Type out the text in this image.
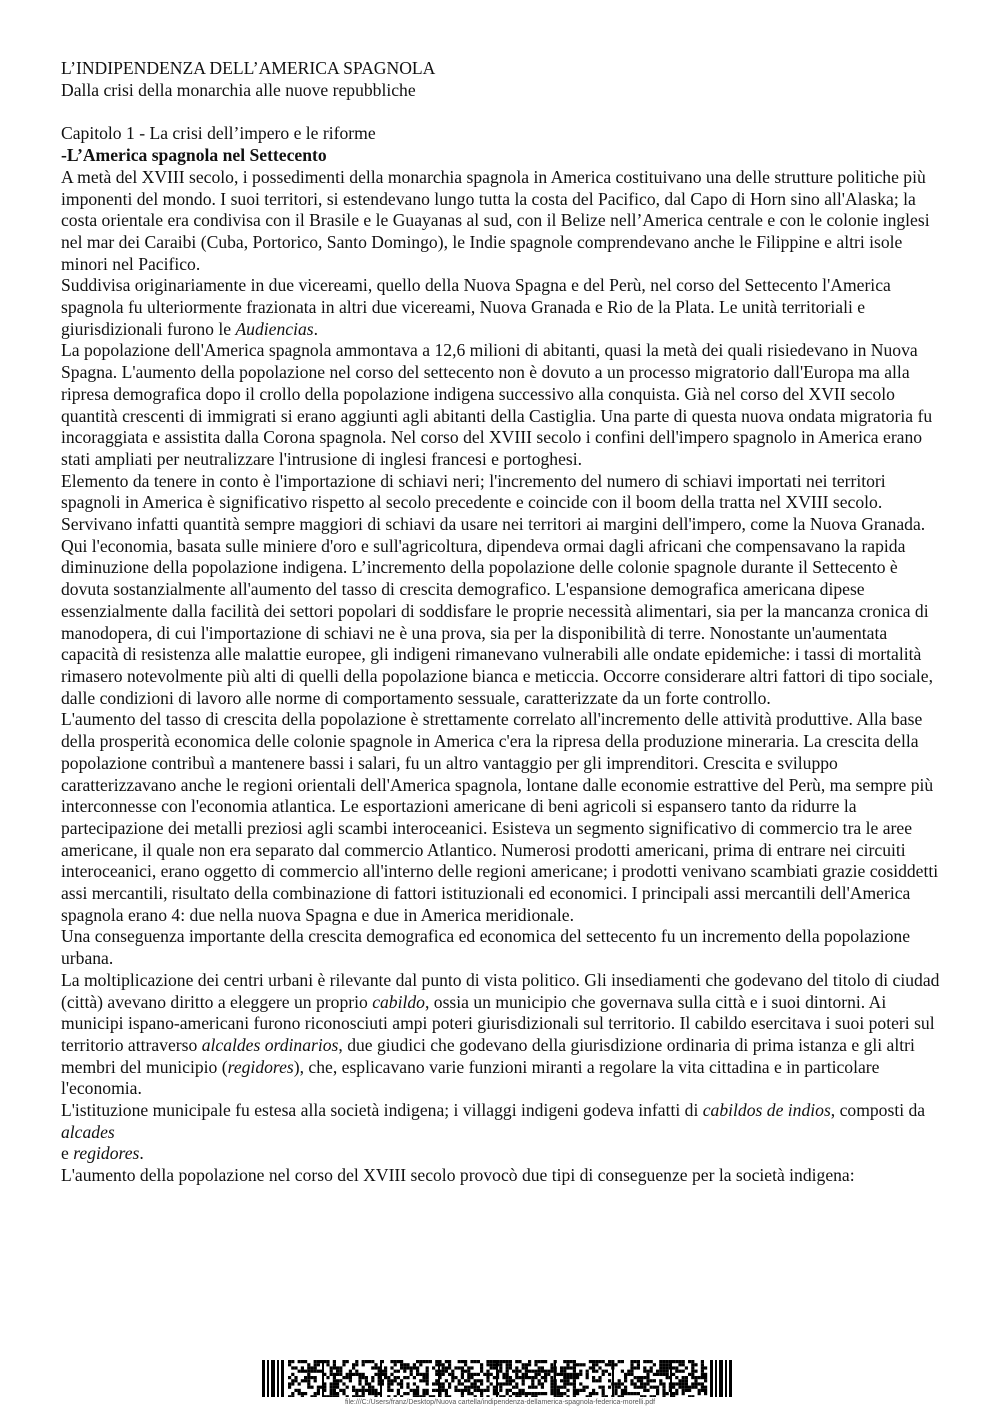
L’INDIPENDENZA DELL’AMERICA SPAGNOLA

Dalla crisi della monarchia alle nuove repubbliche

Capitolo 1 - La crisi dell’impero e le riforme

-L’America spagnola nel Settecento

A metà del XVIII secolo, i possedimenti della monarchia spagnola in America costituivano una delle strutture politiche più imponenti del mondo. I suoi territori, si estendevano lungo tutta la costa del Pacifico, dal Capo di Horn sino all'Alaska; la costa orientale era condivisa con il Brasile e le Guayanas al sud, con il Belize nell’America centrale e con le colonie inglesi nel mar dei Caraibi (Cuba, Portorico, Santo Domingo), le Indie spagnole comprendevano anche le Filippine e altri isole minori nel Pacifico.

Suddivisa originariamente in due vicereami, quello della Nuova Spagna e del Perù, nel corso del Settecento l'America spagnola fu ulteriormente frazionata in altri due vicereami, Nuova Granada e Rio de la Plata. Le unità territoriali e giurisdizionali furono le Audiencias.

La popolazione dell'America spagnola ammontava a 12,6 milioni di abitanti, quasi la metà dei quali risiedevano in Nuova Spagna. L'aumento della popolazione nel corso del settecento non è dovuto a un processo migratorio dall'Europa ma alla ripresa demografica dopo il crollo della popolazione indigena successivo alla conquista. Già nel corso del XVII secolo quantità crescenti di immigrati si erano aggiunti agli abitanti della Castiglia. Una parte di questa nuova ondata migratoria fu incoraggiata e assistita dalla Corona spagnola. Nel corso del XVIII secolo i confini dell'impero spagnolo in America erano stati ampliati per neutralizzare l'intrusione di inglesi francesi e portoghesi.

Elemento da tenere in conto è l'importazione di schiavi neri; l'incremento del numero di schiavi importati nei territori spagnoli in America è significativo rispetto al secolo precedente e coincide con il boom della tratta nel XVIII secolo. Servivano infatti quantità sempre maggiori di schiavi da usare nei territori ai margini dell'impero, come la Nuova Granada. Qui l'economia, basata sulle miniere d'oro e sull'agricoltura, dipendeva ormai dagli africani che compensavano la rapida diminuzione della popolazione indigena. L’incremento della popolazione delle colonie spagnole durante il Settecento è dovuta sostanzialmente all'aumento del tasso di crescita demografico. L'espansione demografica americana dipese essenzialmente dalla facilità dei settori popolari di soddisfare le proprie necessità alimentari, sia per la mancanza cronica di manodopera, di cui l'importazione di schiavi ne è una prova, sia per la disponibilità di terre. Nonostante un'aumentata capacità di resistenza alle malattie europee, gli indigeni rimanevano vulnerabili alle ondate epidemiche: i tassi di mortalità rimasero notevolmente più alti di quelli della popolazione bianca e meticcia. Occorre considerare altri fattori di tipo sociale, dalle condizioni di lavoro alle norme di comportamento sessuale, caratterizzate da un forte controllo.

L'aumento del tasso di crescita della popolazione è strettamente correlato all'incremento delle attività produttive. Alla base della prosperità economica delle colonie spagnole in America c'era la ripresa della produzione mineraria. La crescita della popolazione contribuì a mantenere bassi i salari, fu un altro vantaggio per gli imprenditori. Crescita e sviluppo caratterizzavano anche le regioni orientali dell'America spagnola, lontane dalle economie estrattive del Perù, ma sempre più interconnesse con l'economia atlantica. Le esportazioni americane di beni agricoli si espansero tanto da ridurre la partecipazione dei metalli preziosi agli scambi interoceanici. Esisteva un segmento significativo di commercio tra le aree americane, il quale non era separato dal commercio Atlantico. Numerosi prodotti americani, prima di entrare nei circuiti interoceanici, erano oggetto di commercio all'interno delle regioni americane; i prodotti venivano scambiati grazie cosiddetti assi mercantili, risultato della combinazione di fattori istituzionali ed economici. I principali assi mercantili dell'America spagnola erano 4: due nella nuova Spagna e due in America meridionale.

Una conseguenza importante della crescita demografica ed economica del settecento fu un incremento della popolazione urbana.

La moltiplicazione dei centri urbani è rilevante dal punto di vista politico. Gli insediamenti che godevano del titolo di ciudad (città) avevano diritto a eleggere un proprio cabildo, ossia un municipio che governava sulla città e i suoi dintorni. Ai municipi ispano-americani furono riconosciuti ampi poteri giurisdizionali sul territorio. Il cabildo esercitava i suoi poteri sul territorio attraverso alcaldes ordinarios, due giudici che godevano della giurisdizione ordinaria di prima istanza e gli altri membri del municipio (regidores), che, esplicavano varie funzioni miranti a regolare la vita cittadina e in particolare l'economia.

L'istituzione municipale fu estesa alla società indigena; i villaggi indigeni godeva infatti di cabildos de indios, composti da alcades

e regidores.

L'aumento della popolazione nel corso del XVIII secolo provocò due tipi di conseguenze per la società indigena:

file:///C:/Users/franz/Desktop/Nuova cartella/indipendenza-dellamerica-spagnola-federica-morelli.pdf
